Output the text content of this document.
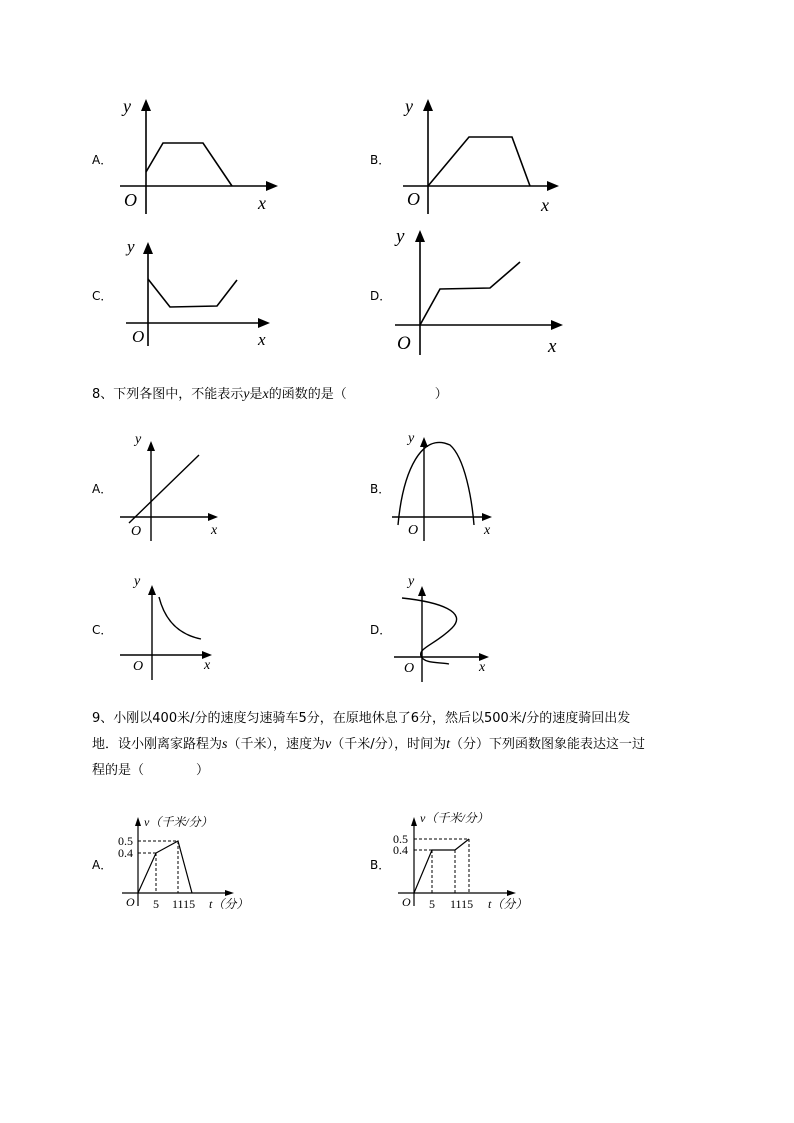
A．
y
x
O
B．
y
x
O
C．
y
x
O
D．
y
x
O
8、下列各图中，不能表示y是x的函数的是（	）
A．
y
x
O
B．
y
x
O
C．
y
x
O
D．
y
x
O
9、小刚以400米/分的速度匀速骑车5分，在原地休息了6分，然后以500米/分的速度骑回出发
地．设小刚离家路程为s（千米），速度为v（千米/分），时间为t（分）下列函数图象能表达这一过
程的是（	）
A．
v（千米/分）
0.5
0.4
5 1115 t（分）
O
B．
v（千米/分）
0.5
0.4
5 1115 t（分）
O
